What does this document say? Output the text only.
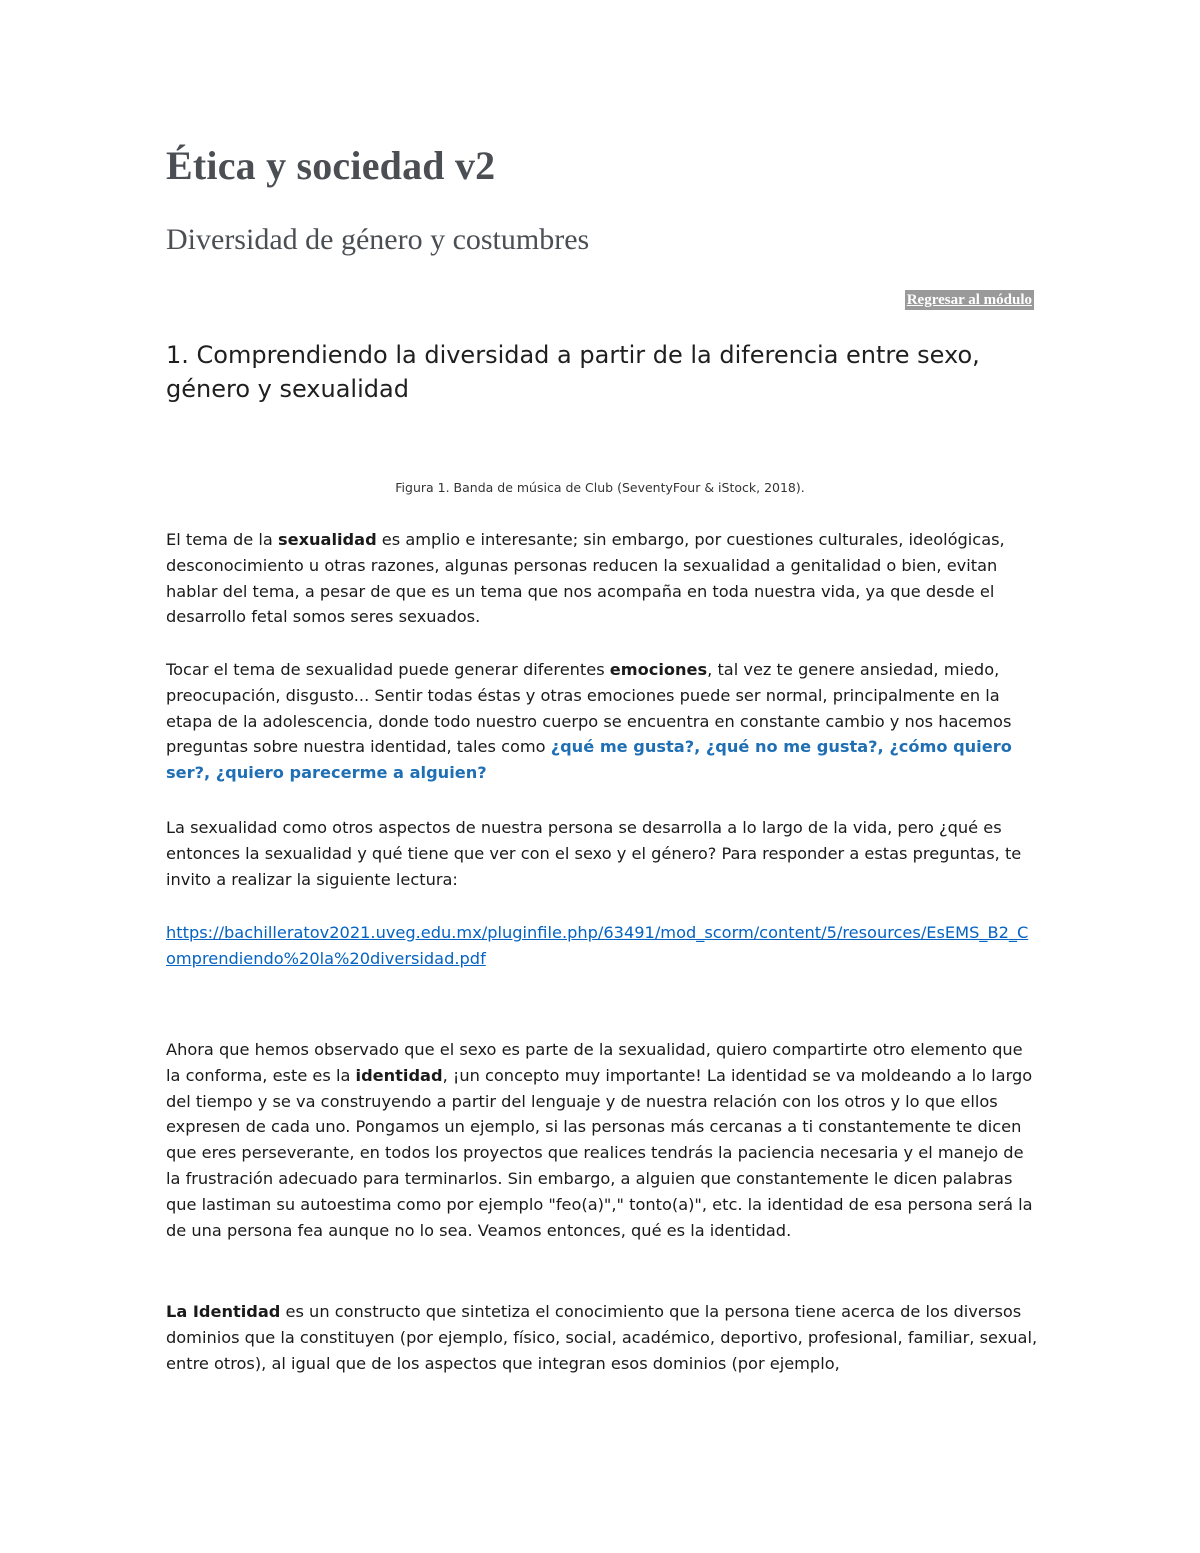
Ética y sociedad v2
Diversidad de género y costumbres
Regresar al módulo
1. Comprendiendo la diversidad a partir de la diferencia entre sexo, género y sexualidad
Figura 1. Banda de música de Club (SeventyFour & iStock, 2018).

El tema de la sexualidad es amplio e interesante; sin embargo, por cuestiones culturales, ideológicas, desconocimiento u otras razones, algunas personas reducen la sexualidad a genitalidad o bien, evitan hablar del tema, a pesar de que es un tema que nos acompaña en toda nuestra vida, ya que desde el desarrollo fetal somos seres sexuados.

Tocar el tema de sexualidad puede generar diferentes emociones, tal vez te genere ansiedad, miedo, preocupación, disgusto... Sentir todas éstas y otras emociones puede ser normal, principalmente en la etapa de la adolescencia, donde todo nuestro cuerpo se encuentra en constante cambio y nos hacemos preguntas sobre nuestra identidad, tales como ¿qué me gusta?, ¿qué no me gusta?, ¿cómo quiero ser?, ¿quiero parecerme a alguien?

La sexualidad como otros aspectos de nuestra persona se desarrolla a lo largo de la vida, pero ¿qué es entonces la sexualidad y qué tiene que ver con el sexo y el género? Para responder a estas preguntas, te invito a realizar la siguiente lectura:

https://bachilleratov2021.uveg.edu.mx/pluginfile.php/63491/mod_scorm/content/5/resources/EsEMS_B2_Comprendiendo%20la%20diversidad.pdf

Ahora que hemos observado que el sexo es parte de la sexualidad, quiero compartirte otro elemento que la conforma, este es la identidad, ¡un concepto muy importante! La identidad se va moldeando a lo largo del tiempo y se va construyendo a partir del lenguaje y de nuestra relación con los otros y lo que ellos expresen de cada uno. Pongamos un ejemplo, si las personas más cercanas a ti constantemente te dicen que eres perseverante, en todos los proyectos que realices tendrás la paciencia necesaria y el manejo de la frustración adecuado para terminarlos. Sin embargo, a alguien que constantemente le dicen palabras que lastiman su autoestima como por ejemplo "feo(a)"," tonto(a)", etc. la identidad de esa persona será la de una persona fea aunque no lo sea. Veamos entonces, qué es la identidad.

La Identidad es un constructo que sintetiza el conocimiento que la persona tiene acerca de los diversos dominios que la constituyen (por ejemplo, físico, social, académico, deportivo, profesional, familiar, sexual, entre otros), al igual que de los aspectos que integran esos dominios (por ejemplo,
